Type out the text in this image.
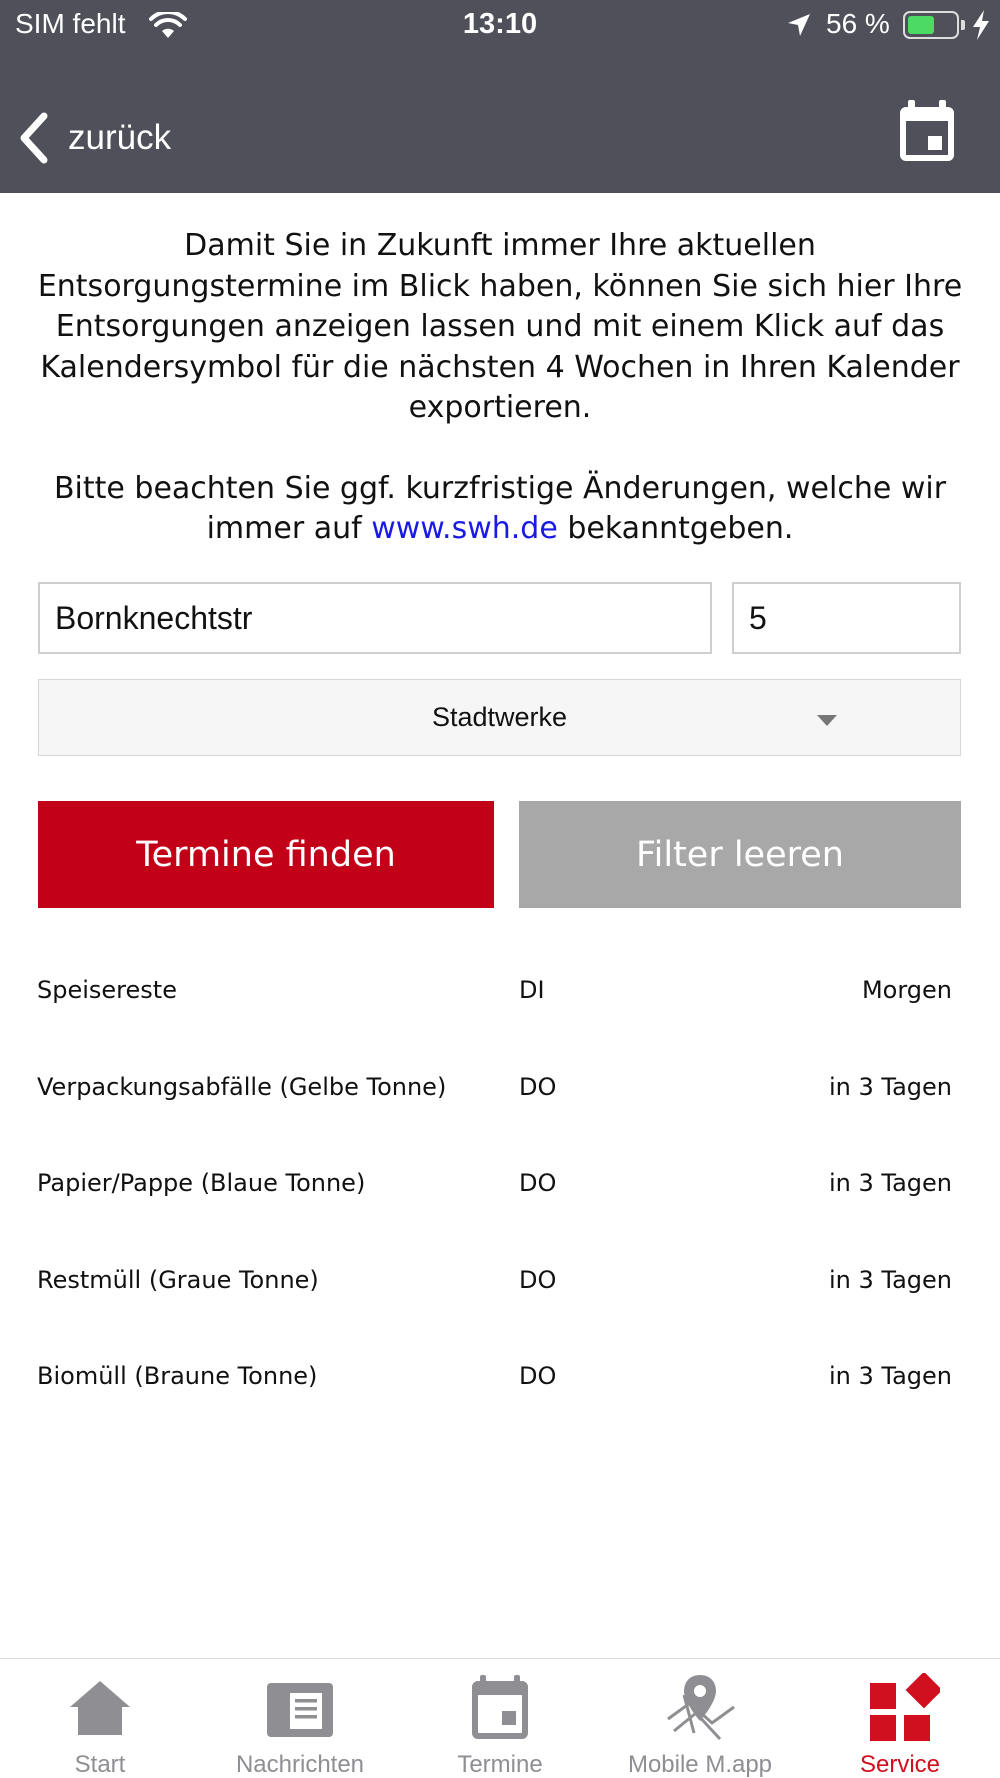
SIM fehlt	13:10	56 %
zurück

Damit Sie in Zukunft immer Ihre aktuellen Entsorgungstermine im Blick haben, können Sie sich hier Ihre Entsorgungen anzeigen lassen und mit einem Klick auf das Kalendersymbol für die nächsten 4 Wochen in Ihren Kalender exportieren.

Bitte beachten Sie ggf. kurzfristige Änderungen, welche wir immer auf www.swh.de bekanntgeben.

Bornknechtstr	5
Stadtwerke
Termine finden	Filter leeren
Speisereste	DI	Morgen
Verpackungsabfälle (Gelbe Tonne)	DO	in 3 Tagen
Papier/Pappe (Blaue Tonne)	DO	in 3 Tagen
Restmüll (Graue Tonne)	DO	in 3 Tagen
Biomüll (Braune Tonne)	DO	in 3 Tagen
Start	Nachrichten	Termine	Mobile M.app	Service
